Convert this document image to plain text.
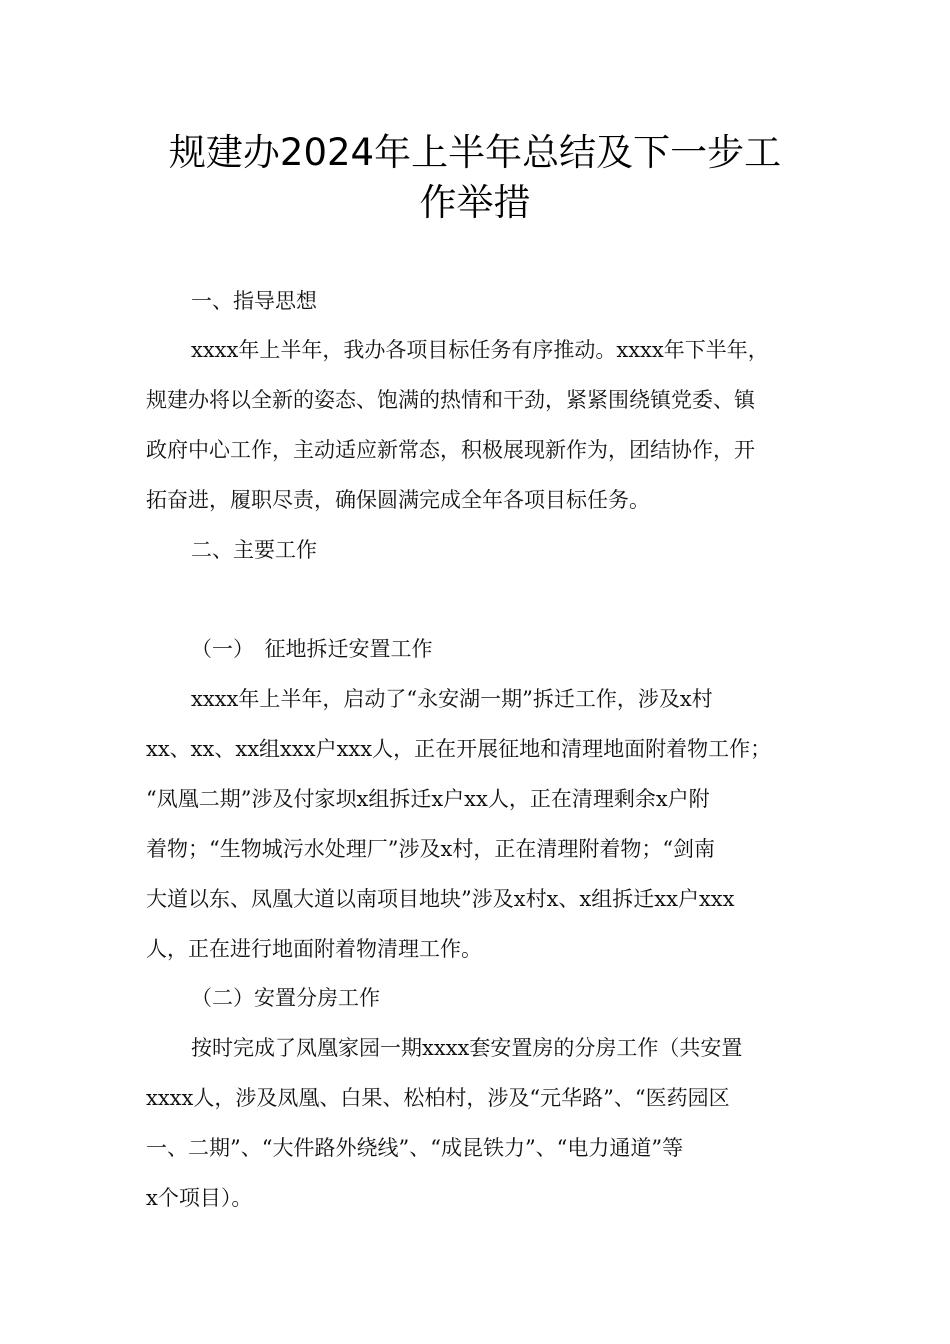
规建办2024年上半年总结及下一步工
作举措
一、指导思想
xxxx年上半年，我办各项目标任务有序推动。xxxx年下半年，
规建办将以全新的姿态、饱满的热情和干劲，紧紧围绕镇党委、镇
政府中心工作，主动适应新常态，积极展现新作为，团结协作，开
拓奋进，履职尽责，确保圆满完成全年各项目标任务。
二、主要工作
（一）　征地拆迁安置工作
xxxx年上半年，启动了“永安湖一期”拆迁工作，涉及x村
xx、xx、xx组xxx户xxx人，正在开展征地和清理地面附着物工作；
“凤凰二期”涉及付家坝x组拆迁x户xx人，正在清理剩余x户附
着物；“生物城污水处理厂”涉及x村，正在清理附着物；“剑南
大道以东、凤凰大道以南项目地块”涉及x村x、x组拆迁xx户xxx
人，正在进行地面附着物清理工作。
（二）安置分房工作
按时完成了凤凰家园一期xxxx套安置房的分房工作（共安置
xxxx人，涉及凤凰、白果、松柏村，涉及“元华路”、“医药园区
一、二期”、“大件路外绕线”、“成昆铁力”、“电力通道”等
x个项目）。
